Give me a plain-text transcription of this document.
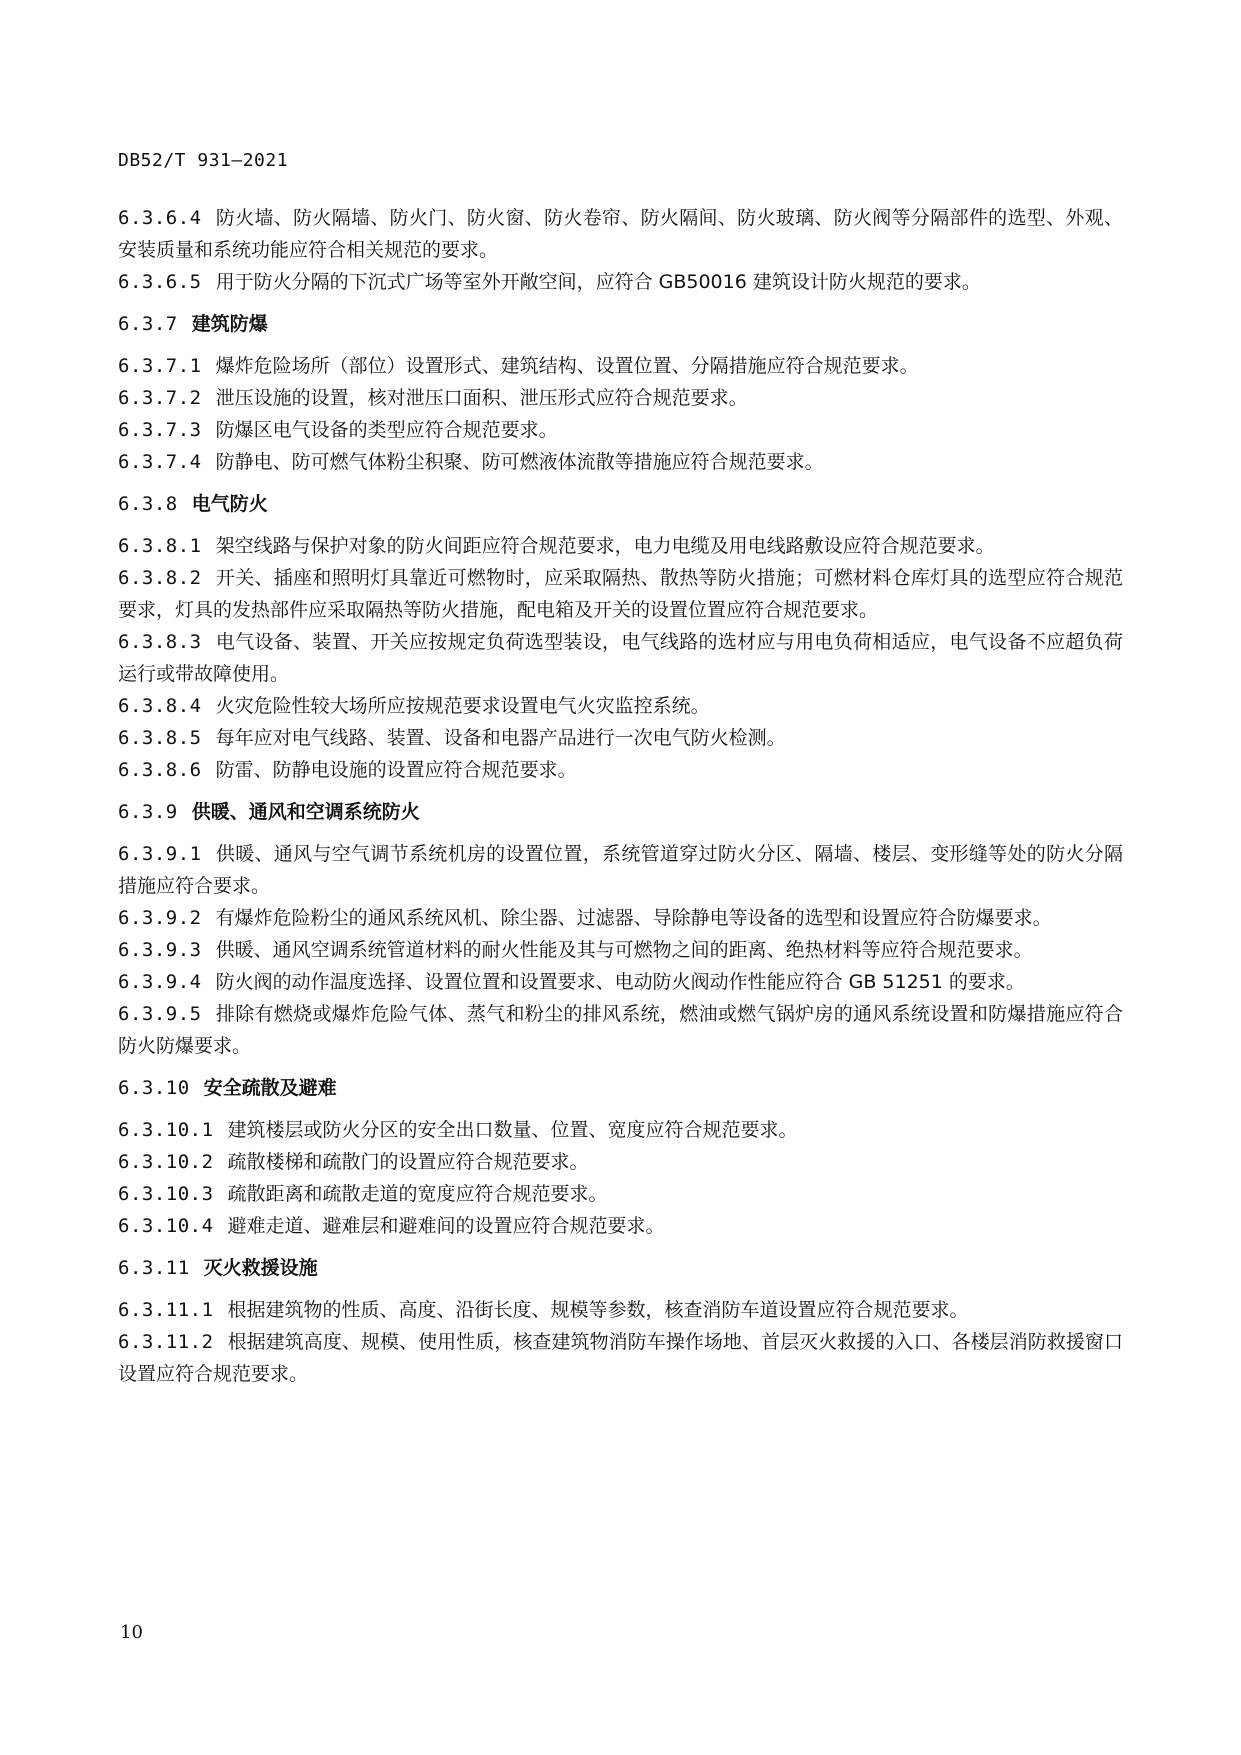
DB52/T 931—2021

6.3.6.4 防火墙、防火隔墙、防火门、防火窗、防火卷帘、防火隔间、防火玻璃、防火阀等分隔部件的选型、外观、安装质量和系统功能应符合相关规范的要求。

6.3.6.5 用于防火分隔的下沉式广场等室外开敞空间，应符合 GB50016 建筑设计防火规范的要求。

6.3.7 建筑防爆

6.3.7.1 爆炸危险场所（部位）设置形式、建筑结构、设置位置、分隔措施应符合规范要求。

6.3.7.2 泄压设施的设置，核对泄压口面积、泄压形式应符合规范要求。

6.3.7.3 防爆区电气设备的类型应符合规范要求。

6.3.7.4 防静电、防可燃气体粉尘积聚、防可燃液体流散等措施应符合规范要求。

6.3.8 电气防火

6.3.8.1 架空线路与保护对象的防火间距应符合规范要求，电力电缆及用电线路敷设应符合规范要求。

6.3.8.2 开关、插座和照明灯具靠近可燃物时，应采取隔热、散热等防火措施；可燃材料仓库灯具的选型应符合规范要求，灯具的发热部件应采取隔热等防火措施，配电箱及开关的设置位置应符合规范要求。

6.3.8.3 电气设备、装置、开关应按规定负荷选型装设，电气线路的选材应与用电负荷相适应，电气设备不应超负荷运行或带故障使用。

6.3.8.4 火灾危险性较大场所应按规范要求设置电气火灾监控系统。

6.3.8.5 每年应对电气线路、装置、设备和电器产品进行一次电气防火检测。

6.3.8.6 防雷、防静电设施的设置应符合规范要求。

6.3.9 供暖、通风和空调系统防火

6.3.9.1 供暖、通风与空气调节系统机房的设置位置，系统管道穿过防火分区、隔墙、楼层、变形缝等处的防火分隔措施应符合要求。

6.3.9.2 有爆炸危险粉尘的通风系统风机、除尘器、过滤器、导除静电等设备的选型和设置应符合防爆要求。

6.3.9.3 供暖、通风空调系统管道材料的耐火性能及其与可燃物之间的距离、绝热材料等应符合规范要求。

6.3.9.4 防火阀的动作温度选择、设置位置和设置要求、电动防火阀动作性能应符合 GB 51251 的要求。

6.3.9.5 排除有燃烧或爆炸危险气体、蒸气和粉尘的排风系统，燃油或燃气锅炉房的通风系统设置和防爆措施应符合防火防爆要求。

6.3.10 安全疏散及避难

6.3.10.1 建筑楼层或防火分区的安全出口数量、位置、宽度应符合规范要求。

6.3.10.2 疏散楼梯和疏散门的设置应符合规范要求。

6.3.10.3 疏散距离和疏散走道的宽度应符合规范要求。

6.3.10.4 避难走道、避难层和避难间的设置应符合规范要求。

6.3.11 灭火救援设施

6.3.11.1 根据建筑物的性质、高度、沿街长度、规模等参数，核查消防车道设置应符合规范要求。

6.3.11.2 根据建筑高度、规模、使用性质，核查建筑物消防车操作场地、首层灭火救援的入口、各楼层消防救援窗口设置应符合规范要求。

10
